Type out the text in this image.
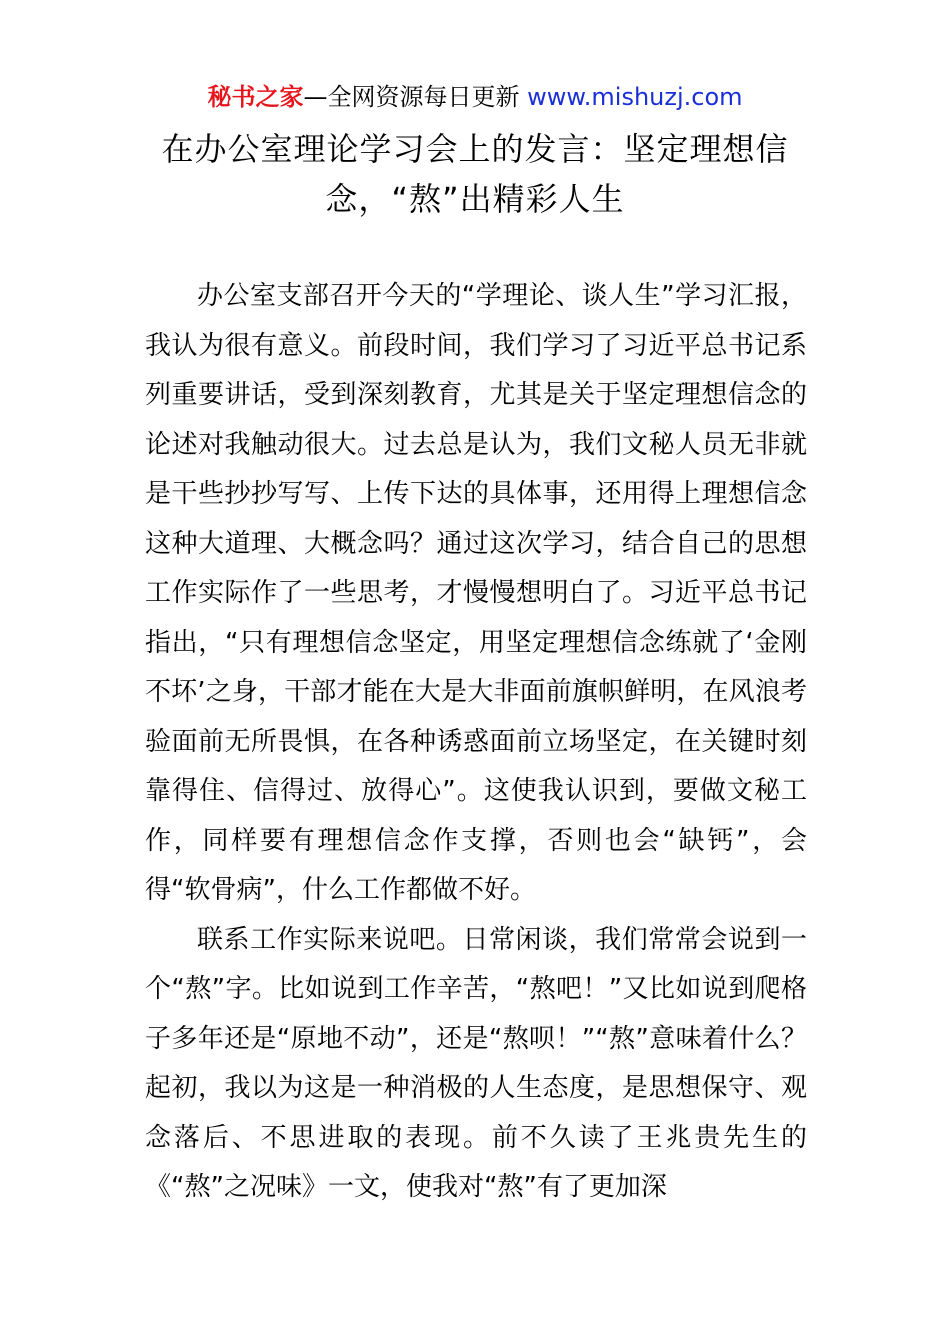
秘书之家—全网资源每日更新 www.mishuzj.com
在办公室理论学习会上的发言：坚定理想信
念，“熬”出精彩人生

办公室支部召开今天的“学理论、谈人生”学习汇报，我认为很有意义。前段时间，我们学习了习近平总书记系列重要讲话，受到深刻教育，尤其是关于坚定理想信念的论述对我触动很大。过去总是认为，我们文秘人员无非就是干些抄抄写写、上传下达的具体事，还用得上理想信念这种大道理、大概念吗？通过这次学习，结合自己的思想工作实际作了一些思考，才慢慢想明白了。习近平总书记指出，“只有理想信念坚定，用坚定理想信念练就了‘金刚不坏’之身，干部才能在大是大非面前旗帜鲜明，在风浪考验面前无所畏惧，在各种诱惑面前立场坚定，在关键时刻靠得住、信得过、放得心”。这使我认识到，要做文秘工作，同样要有理想信念作支撑，否则也会“缺钙”，会得“软骨病”，什么工作都做不好。

联系工作实际来说吧。日常闲谈，我们常常会说到一个“熬”字。比如说到工作辛苦，“熬吧！”又比如说到爬格子多年还是“原地不动”，还是“熬呗！”“熬”意味着什么？起初，我以为这是一种消极的人生态度，是思想保守、观念落后、不思进取的表现。前不久读了王兆贵先生的《“熬”之况味》一文，使我对“熬”有了更加深
